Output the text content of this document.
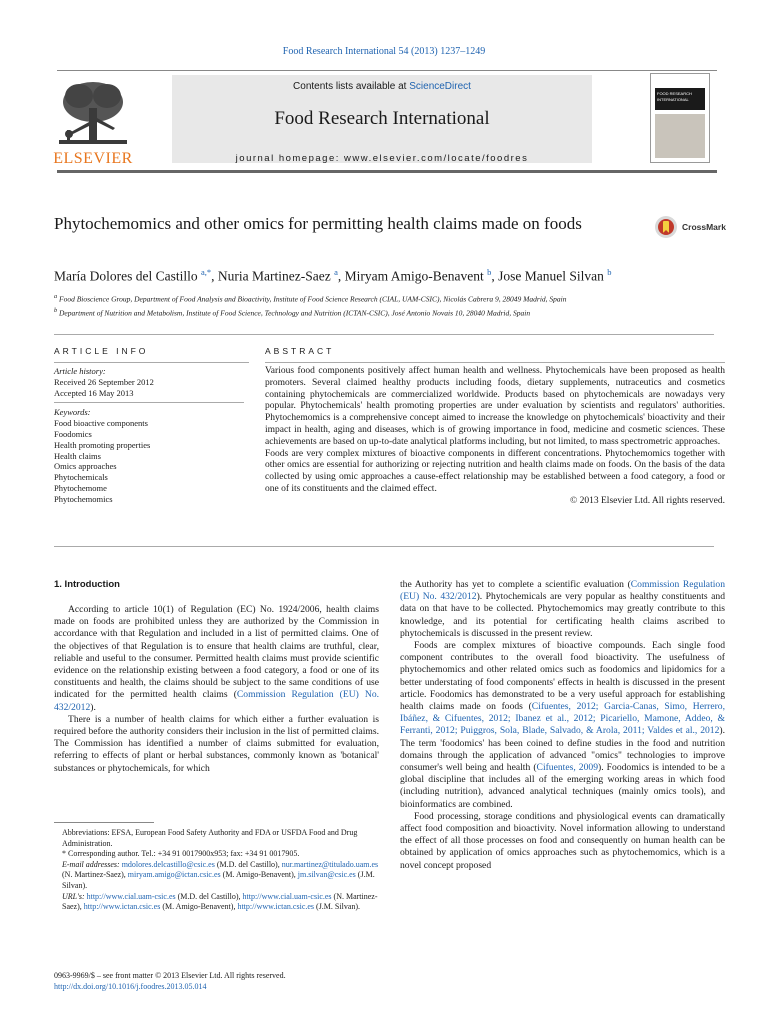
Food Research International 54 (2013) 1237–1249
ELSEVIER
Contents lists available at ScienceDirect
Food Research International
journal homepage: www.elsevier.com/locate/foodres
FOOD RESEARCH INTERNATIONAL
Phytochemomics and other omics for permitting health claims made on foods	CrossMark
María Dolores del Castillo $^{a,*}$, Nuria Martinez-Saez $^a$, Miryam Amigo-Benavent $^b$, Jose Manuel Silvan $^b$
$^a$ Food Bioscience Group, Department of Food Analysis and Bioactivity, Institute of Food Science Research (CIAL, UAM-CSIC), Nicolás Cabrera 9, 28049 Madrid, Spain
$^b$ Department of Nutrition and Metabolism, Institute of Food Science, Technology and Nutrition (ICTAN-CSIC), José Antonio Novais 10, 28040 Madrid, Spain
ARTICLE INFO
Article history:
Received 26 September 2012
Accepted 16 May 2013
Keywords:
Food bioactive components
Foodomics
Health promoting properties
Health claims
Omics approaches
Phytochemicals
Phytochemome
Phytochemomics
ABSTRACT

Various food components positively affect human health and wellness. Phytochemicals have been proposed as health promoters. Several claimed healthy products including foods, dietary supplements, nutraceutics and cosmetics containing phytochemicals are commercialized worldwide. Products based on phytochemicals are nowadays very popular. Phytochemicals' health promoting properties are under evaluation by scientists and regulators' authorities. Phytochemomics is a comprehensive concept aimed to increase the knowledge on phytochemicals' bioactivity and their impact in health, aging and diseases, which is of growing importance in food, medicine and cosmetic sciences. These achievements are based on up-to-date analytical platforms including, but not limited, to mass spectrometric approaches.

Foods are very complex mixtures of bioactive components in different concentrations. Phytochemomics together with other omics are essential for authorizing or rejecting nutrition and health claims made on foods. On the basis of the data collected by using omic approaches a cause-effect relationship may be established between a food category, a food or one of its constituents and the claimed effect.

© 2013 Elsevier Ltd. All rights reserved.

1. Introduction

According to article 10(1) of Regulation (EC) No. 1924/2006, health claims made on foods are prohibited unless they are authorized by the Commission in accordance with that Regulation and included in a list of permitted claims. One of the objectives of that Regulation is to ensure that health claims are truthful, clear, reliable and useful to the consumer. Permitted health claims must provide scientific evidence on the relationship existing between a food category, a food or one of its constituents and health, the claims should be subject to the same conditions of use indicated for the permitted health claims (Commission Regulation (EU) No. 432/2012).

There is a number of health claims for which either a further evaluation is required before the authority considers their inclusion in the list of permitted claims. The Commission has identified a number of claims submitted for evaluation, referring to effects of plant or herbal substances, commonly known as 'botanical' substances or phytochemicals, for which

Abbreviations: EFSA, European Food Safety Authority and FDA or USFDA Food and Drug Administration.

* Corresponding author. Tel.: +34 91 0017900x953; fax: +34 91 0017905.

E-mail addresses: mdolores.delcastillo@csic.es (M.D. del Castillo), nur.martinez@titulado.uam.es (N. Martinez-Saez), miryam.amigo@ictan.csic.es (M. Amigo-Benavent), jm.silvan@csic.es (J.M. Silvan).

URL's: http://www.cial.uam-csic.es (M.D. del Castillo), http://www.cial.uam-csic.es (N. Martinez-Saez), http://www.ictan.csic.es (M. Amigo-Benavent), http://www.ictan.csic.es (J.M. Silvan).

0963-9969/$ – see front matter © 2013 Elsevier Ltd. All rights reserved.
http://dx.doi.org/10.1016/j.foodres.2013.05.014

the Authority has yet to complete a scientific evaluation (Commission Regulation (EU) No. 432/2012). Phytochemicals are very popular as healthy constituents and data on that have to be collected. Phytochemomics may greatly contribute to this knowledge, and its potential for certificating health claims ascribed to phytochemicals is discussed in the present review.

Foods are complex mixtures of bioactive compounds. Each single food component contributes to the overall food bioactivity. The usefulness of phytochemomics and other related omics such as foodomics and lipidomics for a better understating of food components' effects in health is discussed in the present article. Foodomics has demonstrated to be a very useful approach for establishing health claims made on foods (Cifuentes, 2012; Garcia-Canas, Simo, Herrero, Ibáñez, & Cifuentes, 2012; Ibanez et al., 2012; Picariello, Mamone, Addeo, & Ferranti, 2012; Puiggros, Sola, Blade, Salvado, & Arola, 2011; Valdes et al., 2012). The term 'foodomics' has been coined to define studies in the food and nutrition domains through the application of advanced "omics" technologies to improve consumer's well being and health (Cifuentes, 2009). Foodomics is intended to be a global discipline that includes all of the emerging working areas in which food (including nutrition), advanced analytical techniques (mainly omics tools), and bioinformatics are combined.

Food processing, storage conditions and physiological events can dramatically affect food composition and bioactivity. Novel information allowing to understand the effect of all those processes on food and consequently on human health can be obtained by application of omics approaches such as phytochemomics, which is a novel concept proposed
